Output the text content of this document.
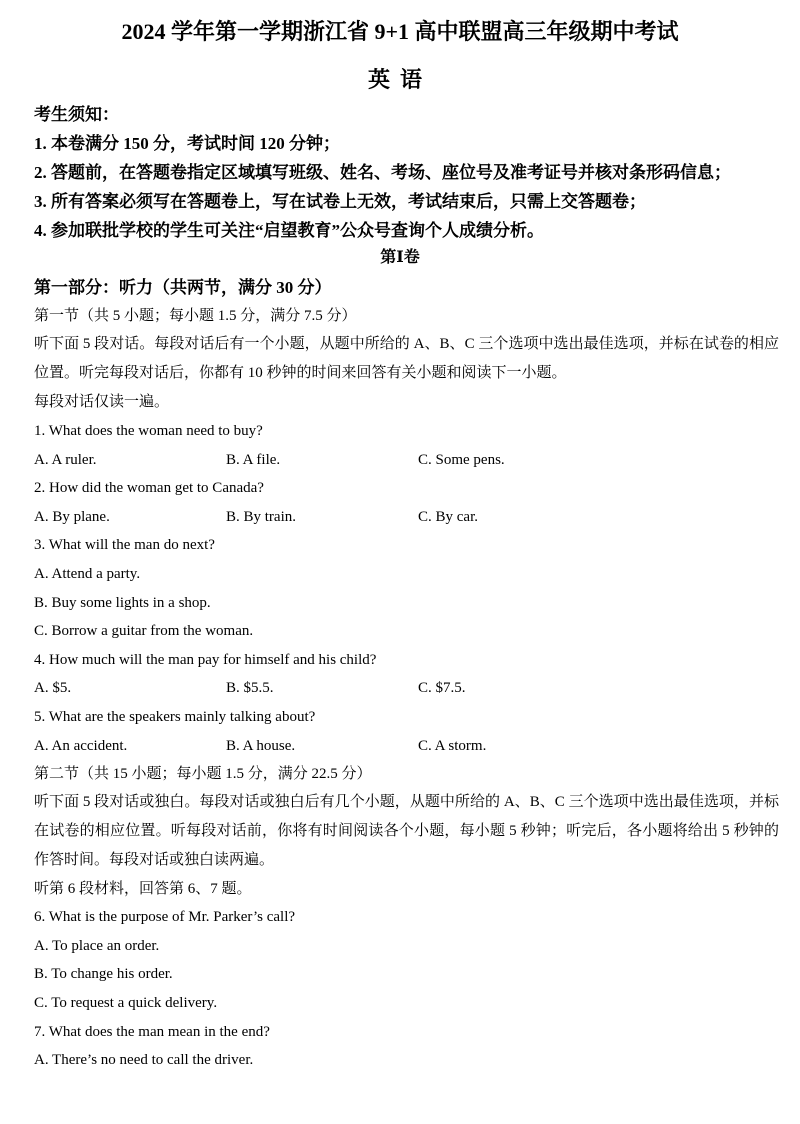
2024 学年第一学期浙江省 9+1 高中联盟高三年级期中考试
英语
考生须知：
1. 本卷满分 150 分，考试时间 120 分钟；
2. 答题前，在答题卷指定区域填写班级、姓名、考场、座位号及准考证号并核对条形码信息；
3. 所有答案必须写在答题卷上，写在试卷上无效，考试结束后，只需上交答题卷；
4. 参加联批学校的学生可关注“启望教育”公众号查询个人成绩分析。
第Ⅰ卷
第一部分：听力（共两节，满分 30 分）
第一节（共 5 小题；每小题 1.5 分，满分 7.5 分）
听下面 5 段对话。每段对话后有一个小题，从题中所给的 A、B、C 三个选项中选出最佳选项，并标在试卷的相应位置。听完每段对话后，你都有 10 秒钟的时间来回答有关小题和阅读下一小题。
每段对话仅读一遍。
1. What does the woman need to buy?
A. A ruler.	B. A file.	C. Some pens.
2. How did the woman get to Canada?
A. By plane.	B. By train.	C. By car.
3. What will the man do next?
A. Attend a party.
B. Buy some lights in a shop.
C. Borrow a guitar from the woman.
4. How much will the man pay for himself and his child?
A. $5.	B. $5.5.	C. $7.5.
5. What are the speakers mainly talking about?
A. An accident.	B. A house.	C. A storm.
第二节（共 15 小题；每小题 1.5 分，满分 22.5 分）
听下面 5 段对话或独白。每段对话或独白后有几个小题，从题中所给的 A、B、C 三个选项中选出最佳选项，并标在试卷的相应位置。听每段对话前，你将有时间阅读各个小题，每小题 5 秒钟；听完后，各小题将给出 5 秒钟的作答时间。每段对话或独白读两遍。
听第 6 段材料，回答第 6、7 题。
6. What is the purpose of Mr. Parker’s call?
A. To place an order.
B. To change his order.
C. To request a quick delivery.
7. What does the man mean in the end?
A. There’s no need to call the driver.
